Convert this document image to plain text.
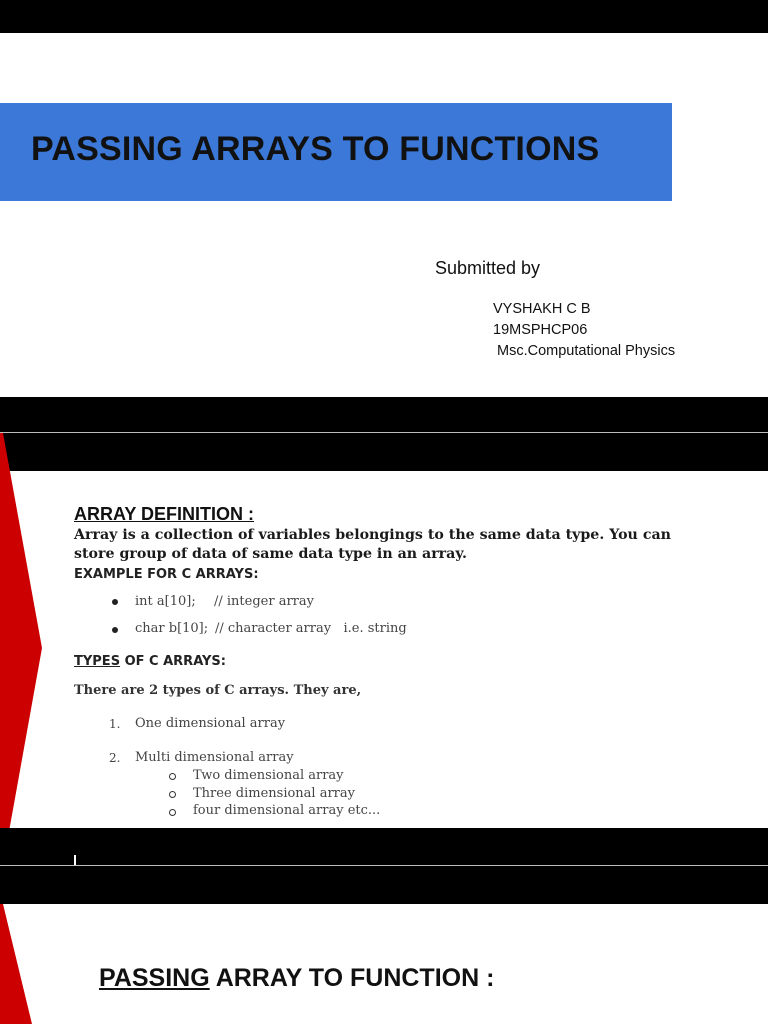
PASSING ARRAYS TO FUNCTIONS
Submitted by
VYSHAKH C B
19MSPHCP06
Msc.Computational Physics
ARRAY DEFINITION :
Array is a collection of variables belongings to the same data type. You can store group of data of same data type in an array.
EXAMPLE FOR C ARRAYS:
int a[10]; // integer array
char b[10]; // character array   i.e. string
TYPES OF C ARRAYS:
There are 2 types of C arrays. They are,
1. One dimensional array
2. Multi dimensional array
Two dimensional array
Three dimensional array
four dimensional array etc...
PASSING ARRAY TO FUNCTION :
